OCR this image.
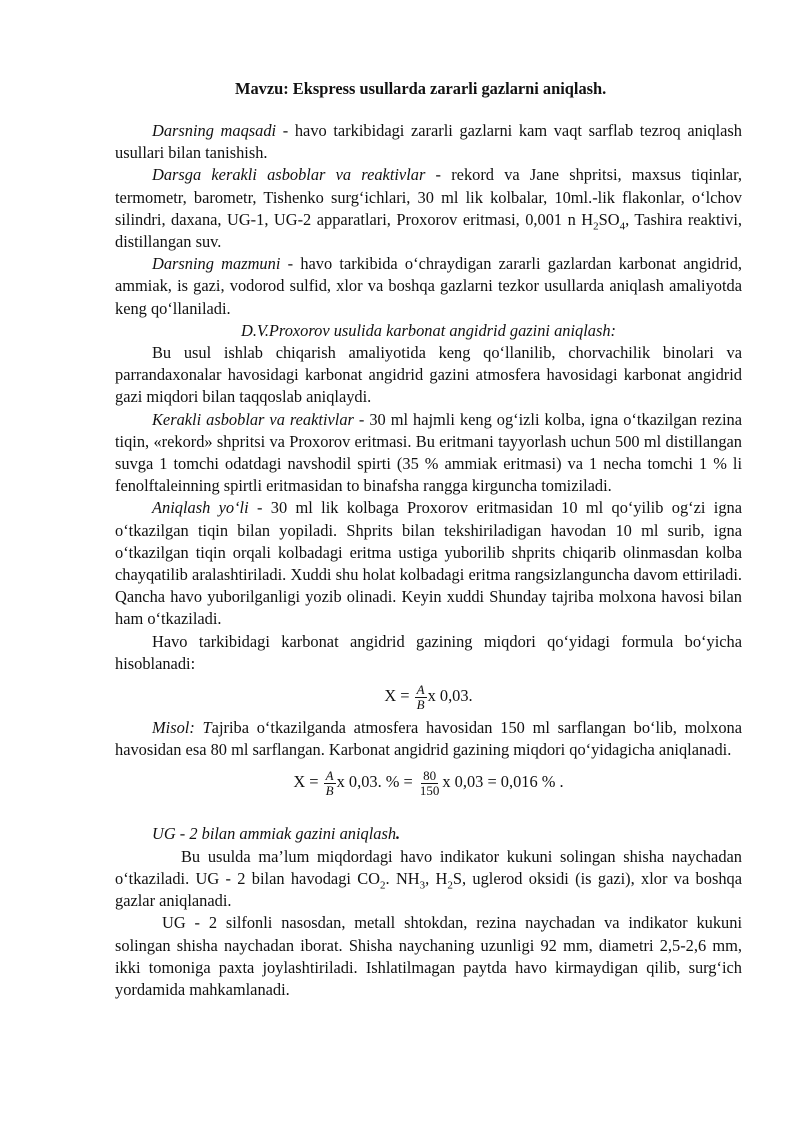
Mavzu: Ekspress usullarda zararli gazlarni aniqlash.

Darsning maqsadi - havo tarkibidagi zararli gazlarni kam vaqt sarflab tezroq aniqlash usullari bilan tanishish.

Darsga kerakli asboblar va reaktivlar - rekord va Jane shpritsi, maxsus tiqinlar, termometr, barometr, Tishenko surg‘ichlari, 30 ml lik kolbalar, 10ml.-lik flakonlar, o‘lchov silindri, daxana, UG-1, UG-2 apparatlari, Proxorov eritmasi, 0,001 n $H_2SO_4$, Tashira reaktivi, distillangan suv.

Darsning mazmuni - havo tarkibida o‘chraydigan zararli gazlardan karbonat angidrid, ammiak, is gazi, vodorod sulfid, xlor va boshqa gazlarni tezkor usullarda aniqlash amaliyotda keng qo‘llaniladi.

D.V.Proxorov usulida karbonat angidrid gazini aniqlash:

Bu usul ishlab chiqarish amaliyotida keng qo‘llanilib, chorvachilik binolari va parrandaxonalar havosidagi karbonat angidrid gazini atmosfera havosidagi karbonat angidrid gazi miqdori bilan taqqoslab aniqlaydi.

Kerakli asboblar va reaktivlar - 30 ml hajmli keng og‘izli kolba, igna o‘tkazilgan rezina tiqin, «rekord» shpritsi va Proxorov eritmasi. Bu eritmani tayyorlash uchun 500 ml distillangan suvga 1 tomchi odatdagi navshodil spirti (35 % ammiak eritmasi) va 1 necha tomchi 1 % li fenolftaleinning spirtli eritmasidan to binafsha rangga kirguncha tomiziladi.

Aniqlash yo‘li - 30 ml lik kolbaga Proxorov eritmasidan 10 ml qo‘yilib og‘zi igna o‘tkazilgan tiqin bilan yopiladi. Shprits bilan tekshiriladigan havodan 10 ml surib, igna o‘tkazilgan tiqin orqali kolbadagi eritma ustiga yuborilib shprits chiqarib olinmasdan kolba chayqatilib aralashtiriladi. Xuddi shu holat kolbadagi eritma rangsizlanguncha davom ettiriladi. Qancha havo yuborilganligi yozib olinadi. Keyin xuddi Shunday tajriba molxona havosi bilan ham o‘tkaziladi.

Havo tarkibidagi karbonat angidrid gazining miqdori qo‘yidagi formula bo‘yicha hisoblanadi:

$X = \frac{A}{B}$ x 0,03.

Misol: Tajriba o‘tkazilganda atmosfera havosidan 150 ml sarflangan bo‘lib, molxona havosidan esa 80 ml sarflangan. Karbonat angidrid gazining miqdori qo‘yidagicha aniqlanadi.

$X = \frac{A}{B}$ x 0,03. % = $\frac{80}{150}$ x 0,03 = 0,016 % .

UG - 2 bilan ammiak gazini aniqlash.

Bu usulda ma’lum miqdordagi havo indikator kukuni solingan shisha naychadan o‘tkaziladi. UG - 2 bilan havodagi $CO_2$. $NH_3$, $H_2S$, uglerod oksidi (is gazi), xlor va boshqa gazlar aniqlanadi.

UG - 2 silfonli nasosdan, metall shtokdan, rezina naychadan va indikator kukuni solingan shisha naychadan iborat. Shisha naychaning uzunligi 92 mm, diametri 2,5-2,6 mm, ikki tomoniga paxta joylashtiriladi. Ishlatilmagan paytda havo kirmaydigan qilib, surg‘ich yordamida mahkamlanadi.
